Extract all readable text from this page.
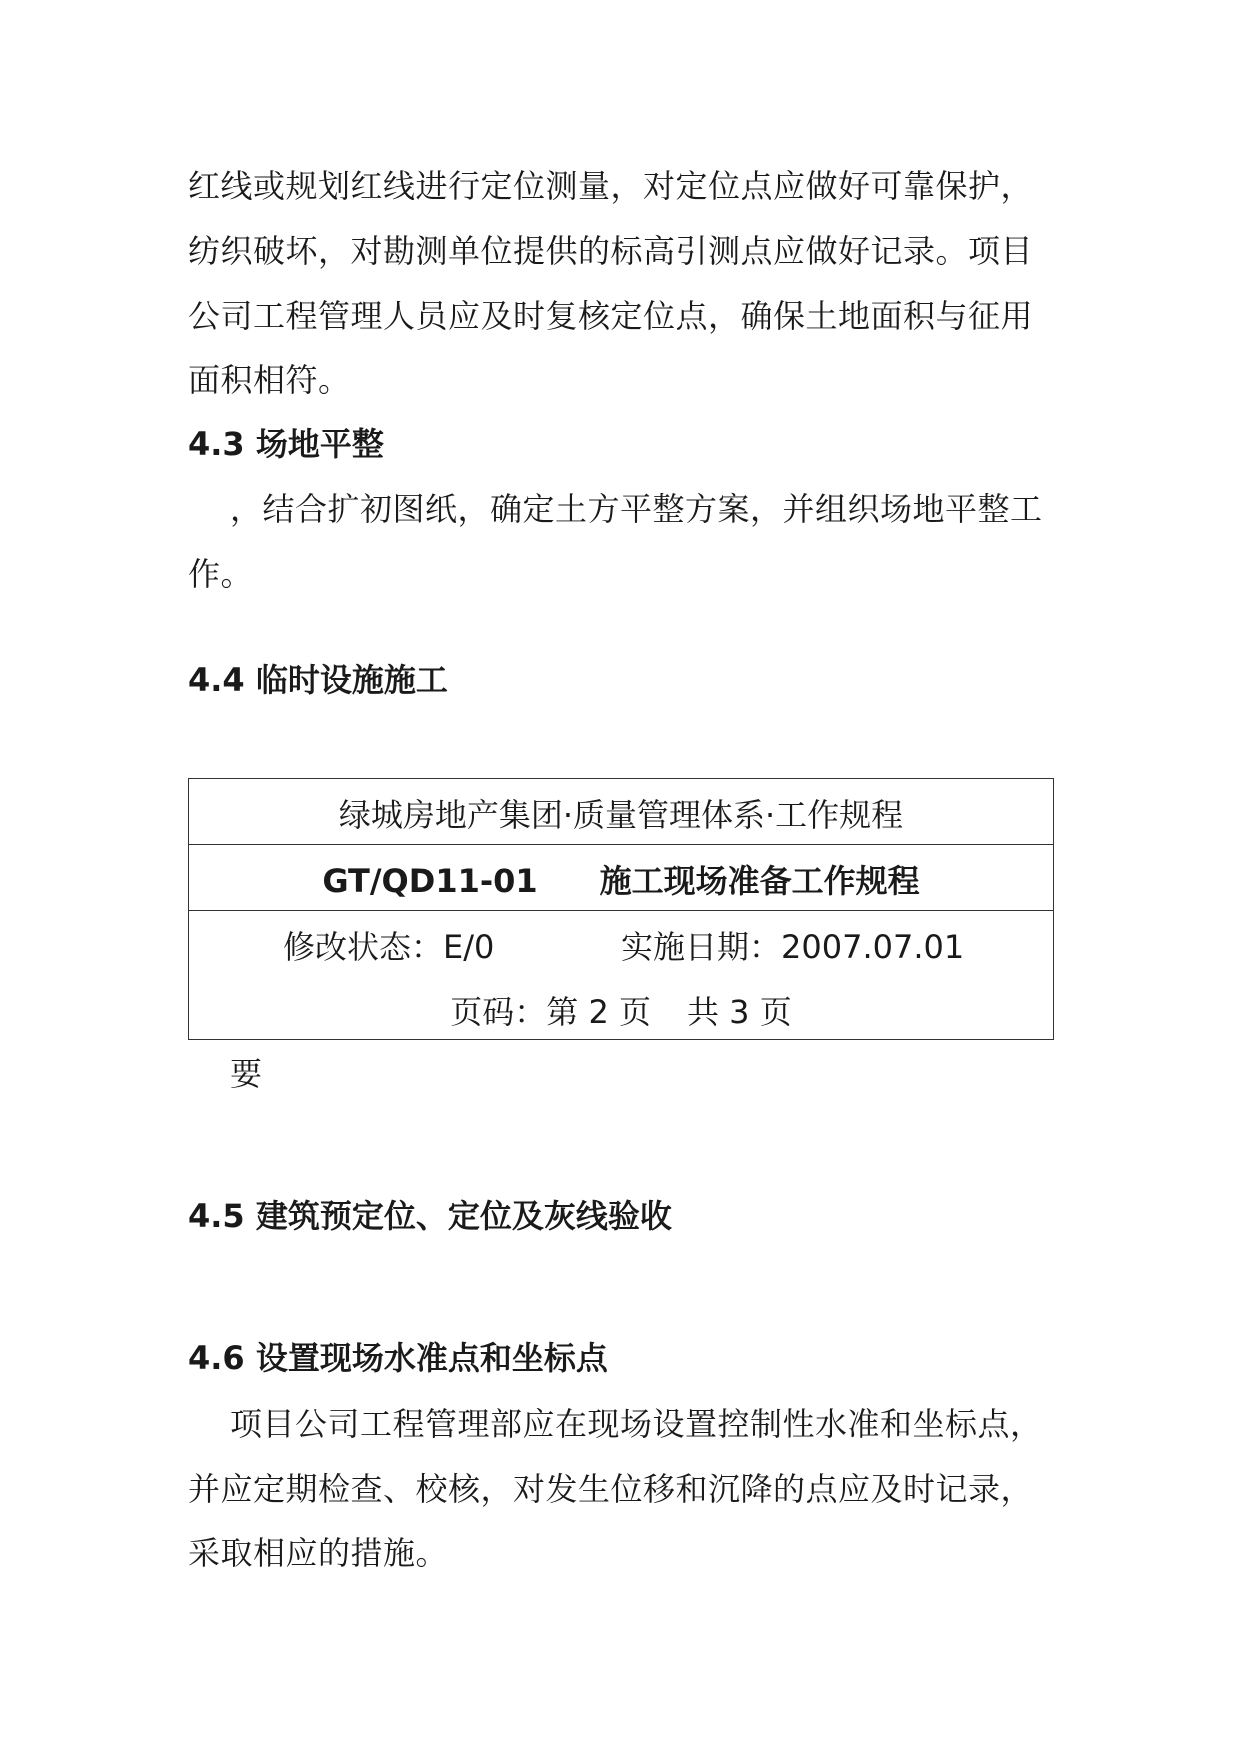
红线或规划红线进行定位测量，对定位点应做好可靠保护，
纺织破坏，对勘测单位提供的标高引测点应做好记录。项目
公司工程管理人员应及时复核定位点，确保土地面积与征用
面积相符。
4.3 场地平整
，结合扩初图纸，确定土方平整方案，并组织场地平整工
作。
4.4 临时设施施工
绿城房地产集团·质量管理体系·工作规程
GT/QD11-01 施工现场准备工作规程
修改状态：E/0	实施日期：2007.07.01
页码：第 2 页 共 3 页
要
4.5 建筑预定位、定位及灰线验收
4.6 设置现场水准点和坐标点
项目公司工程管理部应在现场设置控制性水准和坐标点，
并应定期检查、校核，对发生位移和沉降的点应及时记录，
采取相应的措施。
